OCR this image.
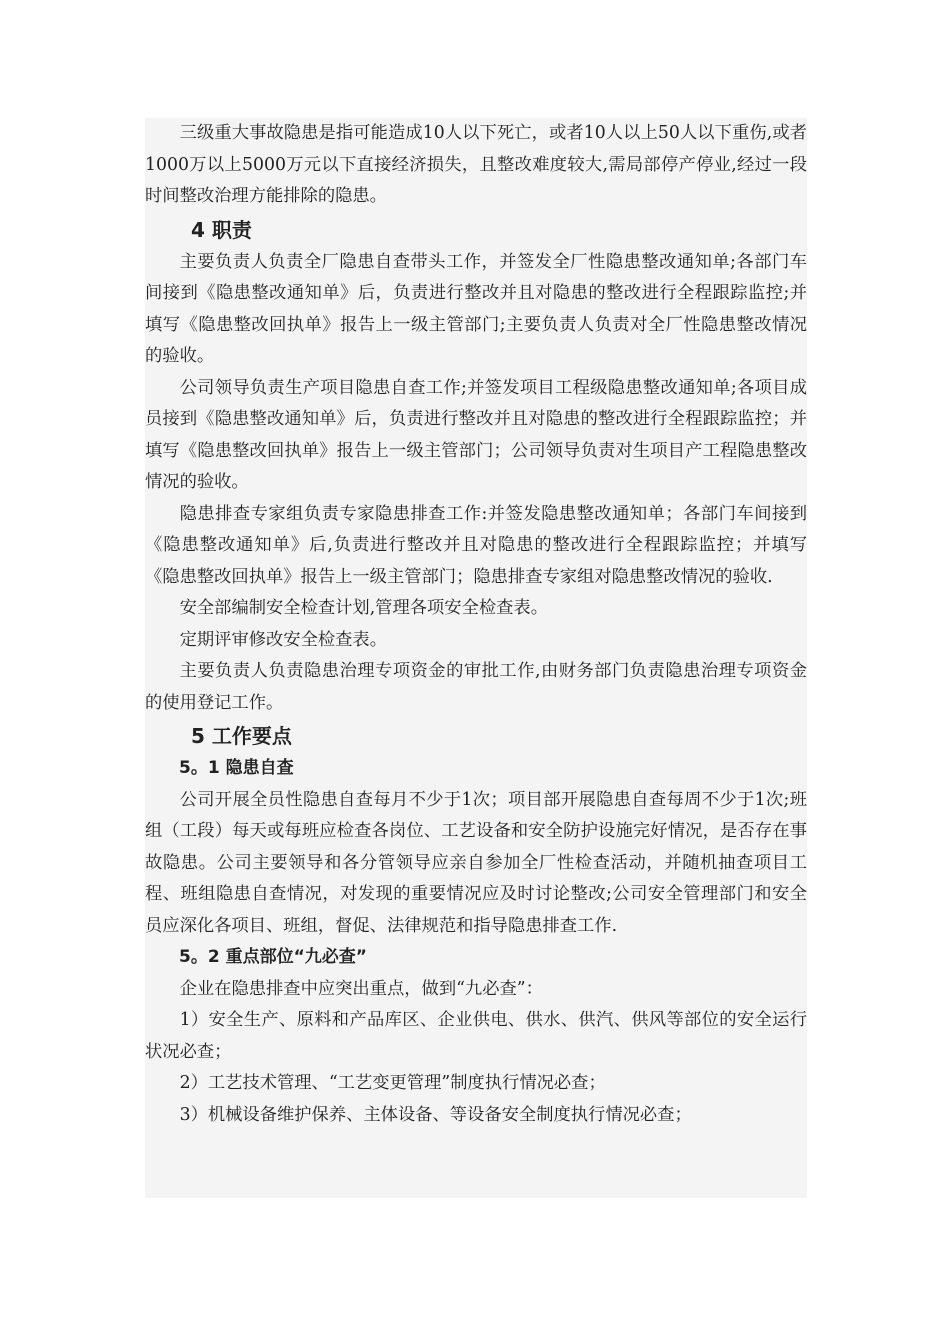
三级重大事故隐患是指可能造成10人以下死亡，或者10人以上50人以下重伤,或者1000万以上5000万元以下直接经济损失，且整改难度较大,需局部停产停业,经过一段时间整改治理方能排除的隐患。

4 职责

主要负责人负责全厂隐患自查带头工作，并签发全厂性隐患整改通知单;各部门车间接到《隐患整改通知单》后，负责进行整改并且对隐患的整改进行全程跟踪监控;并填写《隐患整改回执单》报告上一级主管部门;主要负责人负责对全厂性隐患整改情况的验收。

公司领导负责生产项目隐患自查工作;并签发项目工程级隐患整改通知单;各项目成员接到《隐患整改通知单》后，负责进行整改并且对隐患的整改进行全程跟踪监控；并填写《隐患整改回执单》报告上一级主管部门；公司领导负责对生项目产工程隐患整改情况的验收。

隐患排查专家组负责专家隐患排查工作:并签发隐患整改通知单；各部门车间接到《隐患整改通知单》后,负责进行整改并且对隐患的整改进行全程跟踪监控；并填写《隐患整改回执单》报告上一级主管部门；隐患排查专家组对隐患整改情况的验收.

安全部编制安全检查计划,管理各项安全检查表。

定期评审修改安全检查表。

主要负责人负责隐患治理专项资金的审批工作,由财务部门负责隐患治理专项资金的使用登记工作。

5 工作要点
5。1 隐患自查

公司开展全员性隐患自查每月不少于1次；项目部开展隐患自查每周不少于1次;班组（工段）每天或每班应检查各岗位、工艺设备和安全防护设施完好情况，是否存在事故隐患。公司主要领导和各分管领导应亲自参加全厂性检查活动，并随机抽查项目工程、班组隐患自查情况，对发现的重要情况应及时讨论整改;公司安全管理部门和安全员应深化各项目、班组，督促、法律规范和指导隐患排查工作.

5。2 重点部位“九必查”

企业在隐患排查中应突出重点，做到“九必查”：

1）安全生产、原料和产品库区、企业供电、供水、供汽、供风等部位的安全运行状况必查；

2）工艺技术管理、“工艺变更管理”制度执行情况必查；

3）机械设备维护保养、主体设备、等设备安全制度执行情况必查；
